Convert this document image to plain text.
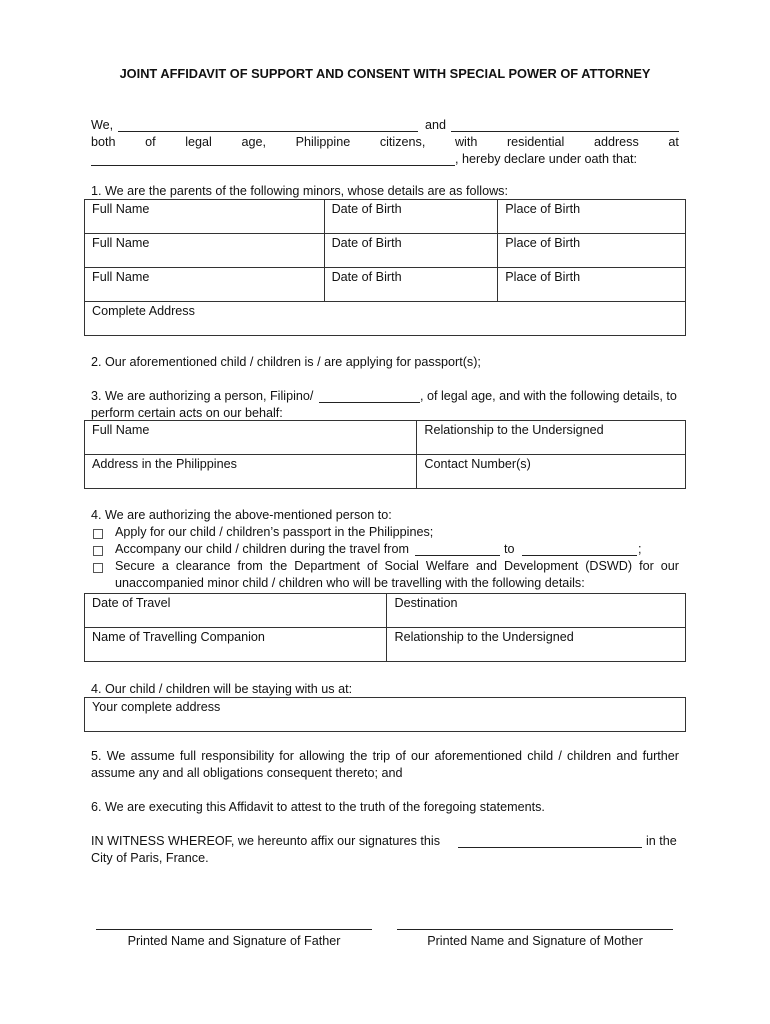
JOINT AFFIDAVIT OF SUPPORT AND CONSENT WITH SPECIAL POWER OF ATTORNEY
We,	and
both of legal age, Philippine citizens, with residential address at
, hereby declare under oath that:
1. We are the parents of the following minors, whose details are as follows:
Full Name	Date of Birth	Place of Birth
Full Name	Date of Birth	Place of Birth
Full Name	Date of Birth	Place of Birth
Complete Address		
2. Our aforementioned child / children is / are applying for passport(s);
3. We are authorizing a person, Filipino/	, of legal age, and with the following details, to
perform certain acts on our behalf:
Full Name	Relationship to the Undersigned
Address in the Philippines	Contact Number(s)
4. We are authorizing the above-mentioned person to:
Apply for our child / children’s passport in the Philippines;
Accompany our child / children during the travel from	to	;
Secure a clearance from the Department of Social Welfare and Development (DSWD) for our
unaccompanied minor child / children who will be travelling with the following details:
Date of Travel	Destination
Name of Travelling Companion	Relationship to the Undersigned
4. Our child / children will be staying with us at:
Your complete address
5. We assume full responsibility for allowing the trip of our aforementioned child / children and further
assume any and all obligations consequent thereto; and
6. We are executing this Affidavit to attest to the truth of the foregoing statements.
IN WITNESS WHEREOF, we hereunto affix our signatures this	in the
City of Paris, France.
Printed Name and Signature of Father	Printed Name and Signature of Mother
